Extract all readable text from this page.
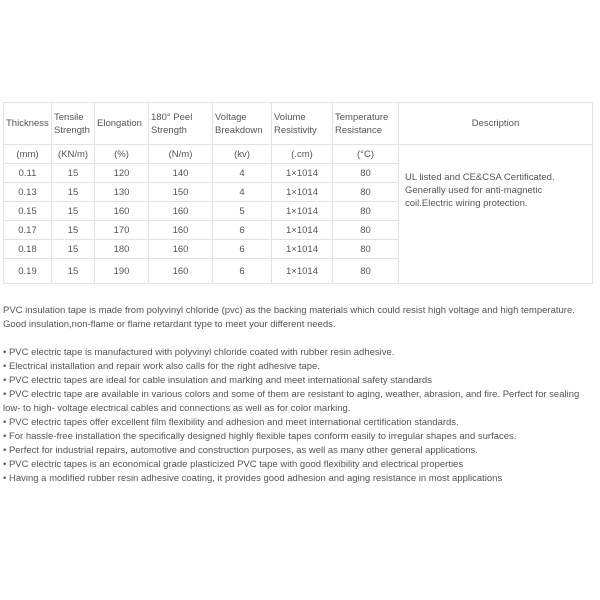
Thickness	Tensile Strength	Elongation	180° Peel Strength	Voltage Breakdown	Volume Resistivity	Temperature Resistance	Description
(mm)	(KN/m)	(%)	(N/m)	(kv)	(.cm)	(°C)	UL listed and CE&CSA Certificated. Generally used for anti-magnetic coil.Electric wiring protection.
0.11	15	120	140	4	1×1014	80	
0.13	15	130	150	4	1×1014	80	
0.15	15	160	160	5	1×1014	80	
0.17	15	170	160	6	1×1014	80	
0.18	15	180	160	6	1×1014	80	
0.19	15	190	160	6	1×1014	80	

PVC insulation tape is made from polyvinyl chloride (pvc) as the backing materials which could resist high voltage and high temperature. Good insulation,non-flame or flame retardant type to meet your different needs.

• PVC electric tape is manufactured with polyvinyl chloride coated with rubber resin adhesive.
• Electrical installation and repair work also calls for the right adhesive tape.
• PVC electric tapes are ideal for cable insulation and marking and meet international safety standards
• PVC electric tape are available in various colors and some of them are resistant to aging, weather, abrasion, and fire. Perfect for sealing low- to high- voltage electrical cables and connections as well as for color marking.
• PVC electric tapes offer excellent film flexibility and adhesion and meet international certification standards.
• For hassle-free installation the specifically designed highly flexible tapes conform easily to irregular shapes and surfaces.
• Perfect for industrial repairs, automotive and construction purposes, as well as many other general applications.
• PVC electric tapes is an economical grade plasticized PVC tape with good flexibility and electrical properties
• Having a modified rubber resin adhesive coating, it provides good adhesion and aging resistance in most applications
